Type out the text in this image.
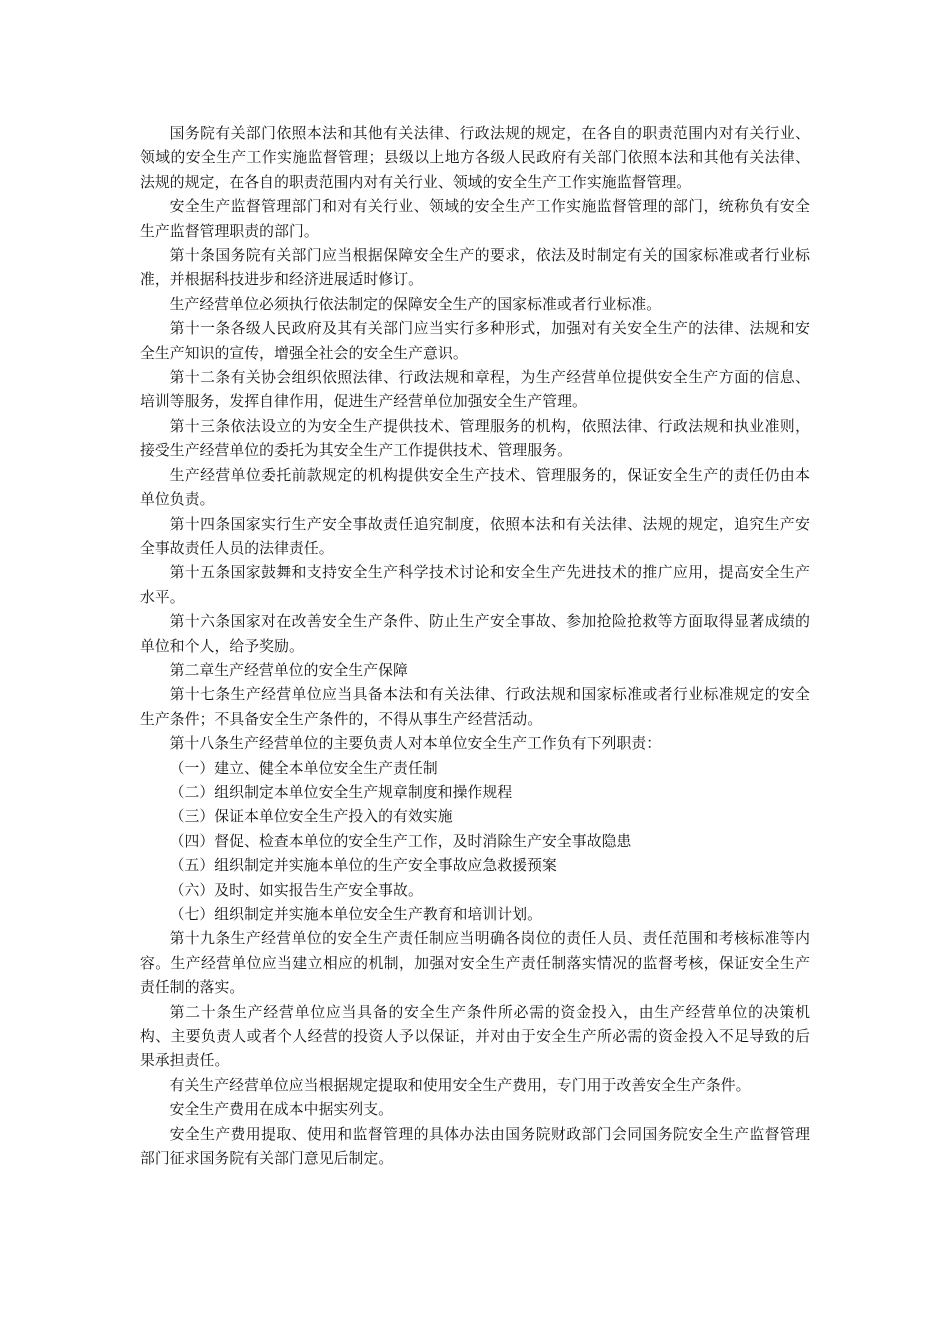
国务院有关部门依照本法和其他有关法律、行政法规的规定，在各自的职责范围内对有关行业、领域的安全生产工作实施监督管理；县级以上地方各级人民政府有关部门依照本法和其他有关法律、法规的规定，在各自的职责范围内对有关行业、领域的安全生产工作实施监督管理。

安全生产监督管理部门和对有关行业、领域的安全生产工作实施监督管理的部门，统称负有安全生产监督管理职责的部门。

第十条国务院有关部门应当根据保障安全生产的要求，依法及时制定有关的国家标准或者行业标准，并根据科技进步和经济进展适时修订。

生产经营单位必须执行依法制定的保障安全生产的国家标准或者行业标准。

第十一条各级人民政府及其有关部门应当实行多种形式，加强对有关安全生产的法律、法规和安全生产知识的宣传，增强全社会的安全生产意识。

第十二条有关协会组织依照法律、行政法规和章程，为生产经营单位提供安全生产方面的信息、培训等服务，发挥自律作用，促进生产经营单位加强安全生产管理。

第十三条依法设立的为安全生产提供技术、管理服务的机构，依照法律、行政法规和执业准则，接受生产经营单位的委托为其安全生产工作提供技术、管理服务。

生产经营单位委托前款规定的机构提供安全生产技术、管理服务的，保证安全生产的责任仍由本单位负责。

第十四条国家实行生产安全事故责任追究制度，依照本法和有关法律、法规的规定，追究生产安全事故责任人员的法律责任。

第十五条国家鼓舞和支持安全生产科学技术讨论和安全生产先进技术的推广应用，提高安全生产水平。

第十六条国家对在改善安全生产条件、防止生产安全事故、参加抢险抢救等方面取得显著成绩的单位和个人，给予奖励。

第二章生产经营单位的安全生产保障

第十七条生产经营单位应当具备本法和有关法律、行政法规和国家标准或者行业标准规定的安全生产条件；不具备安全生产条件的，不得从事生产经营活动。

第十八条生产经营单位的主要负责人对本单位安全生产工作负有下列职责：

（一）建立、健全本单位安全生产责任制

（二）组织制定本单位安全生产规章制度和操作规程

（三）保证本单位安全生产投入的有效实施

（四）督促、检查本单位的安全生产工作，及时消除生产安全事故隐患

（五）组织制定并实施本单位的生产安全事故应急救援预案

（六）及时、如实报告生产安全事故。

（七）组织制定并实施本单位安全生产教育和培训计划。

第十九条生产经营单位的安全生产责任制应当明确各岗位的责任人员、责任范围和考核标准等内容。生产经营单位应当建立相应的机制，加强对安全生产责任制落实情况的监督考核，保证安全生产责任制的落实。

第二十条生产经营单位应当具备的安全生产条件所必需的资金投入，由生产经营单位的决策机构、主要负责人或者个人经营的投资人予以保证，并对由于安全生产所必需的资金投入不足导致的后果承担责任。

有关生产经营单位应当根据规定提取和使用安全生产费用，专门用于改善安全生产条件。

安全生产费用在成本中据实列支。

安全生产费用提取、使用和监督管理的具体办法由国务院财政部门会同国务院安全生产监督管理部门征求国务院有关部门意见后制定。
